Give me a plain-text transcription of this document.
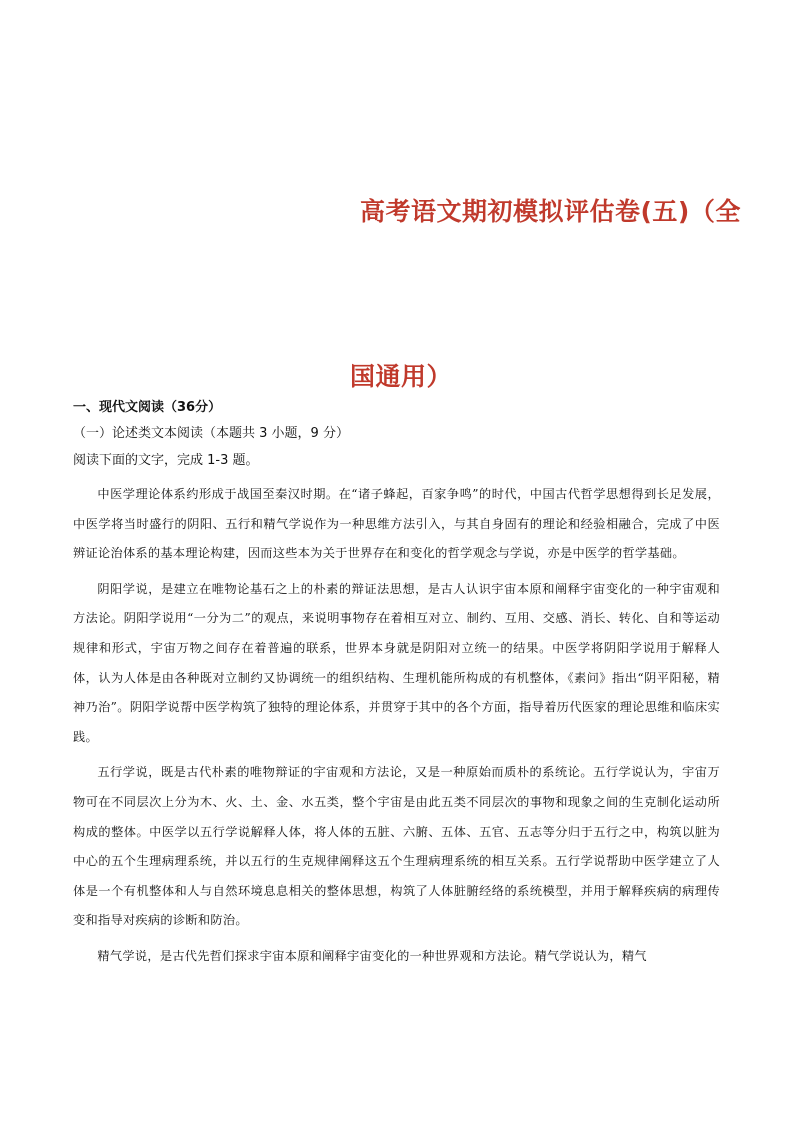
高考语文期初模拟评估卷(五)（全
国通用）
一、现代文阅读（36分）
（一）论述类文本阅读（本题共 3 小题，9 分）
阅读下面的文字，完成 1-3 题。

中医学理论体系约形成于战国至秦汉时期。在“诸子蜂起，百家争鸣”的时代，中国古代哲学思想得到长足发展，中医学将当时盛行的阴阳、五行和精气学说作为一种思维方法引入，与其自身固有的理论和经验相融合，完成了中医辨证论治体系的基本理论构建，因而这些本为关于世界存在和变化的哲学观念与学说，亦是中医学的哲学基础。

阴阳学说，是建立在唯物论基石之上的朴素的辩证法思想，是古人认识宇宙本原和阐释宇宙变化的一种宇宙观和方法论。阴阳学说用“一分为二”的观点，来说明事物存在着相互对立、制约、互用、交感、消长、转化、自和等运动规律和形式，宇宙万物之间存在着普遍的联系，世界本身就是阴阳对立统一的结果。中医学将阴阳学说用于解释人体，认为人体是由各种既对立制约又协调统一的组织结构、生理机能所构成的有机整体，《素问》指出“阴平阳秘，精神乃治”。阴阳学说帮中医学构筑了独特的理论体系，并贯穿于其中的各个方面，指导着历代医家的理论思维和临床实践。

五行学说，既是古代朴素的唯物辩证的宇宙观和方法论，又是一种原始而质朴的系统论。五行学说认为，宇宙万物可在不同层次上分为木、火、土、金、水五类，整个宇宙是由此五类不同层次的事物和现象之间的生克制化运动所构成的整体。中医学以五行学说解释人体，将人体的五脏、六腑、五体、五官、五志等分归于五行之中，构筑以脏为中心的五个生理病理系统，并以五行的生克规律阐释这五个生理病理系统的相互关系。五行学说帮助中医学建立了人体是一个有机整体和人与自然环境息息相关的整体思想，构筑了人体脏腑经络的系统模型，并用于解释疾病的病理传变和指导对疾病的诊断和防治。

精气学说，是古代先哲们探求宇宙本原和阐释宇宙变化的一种世界观和方法论。精气学说认为，精气
